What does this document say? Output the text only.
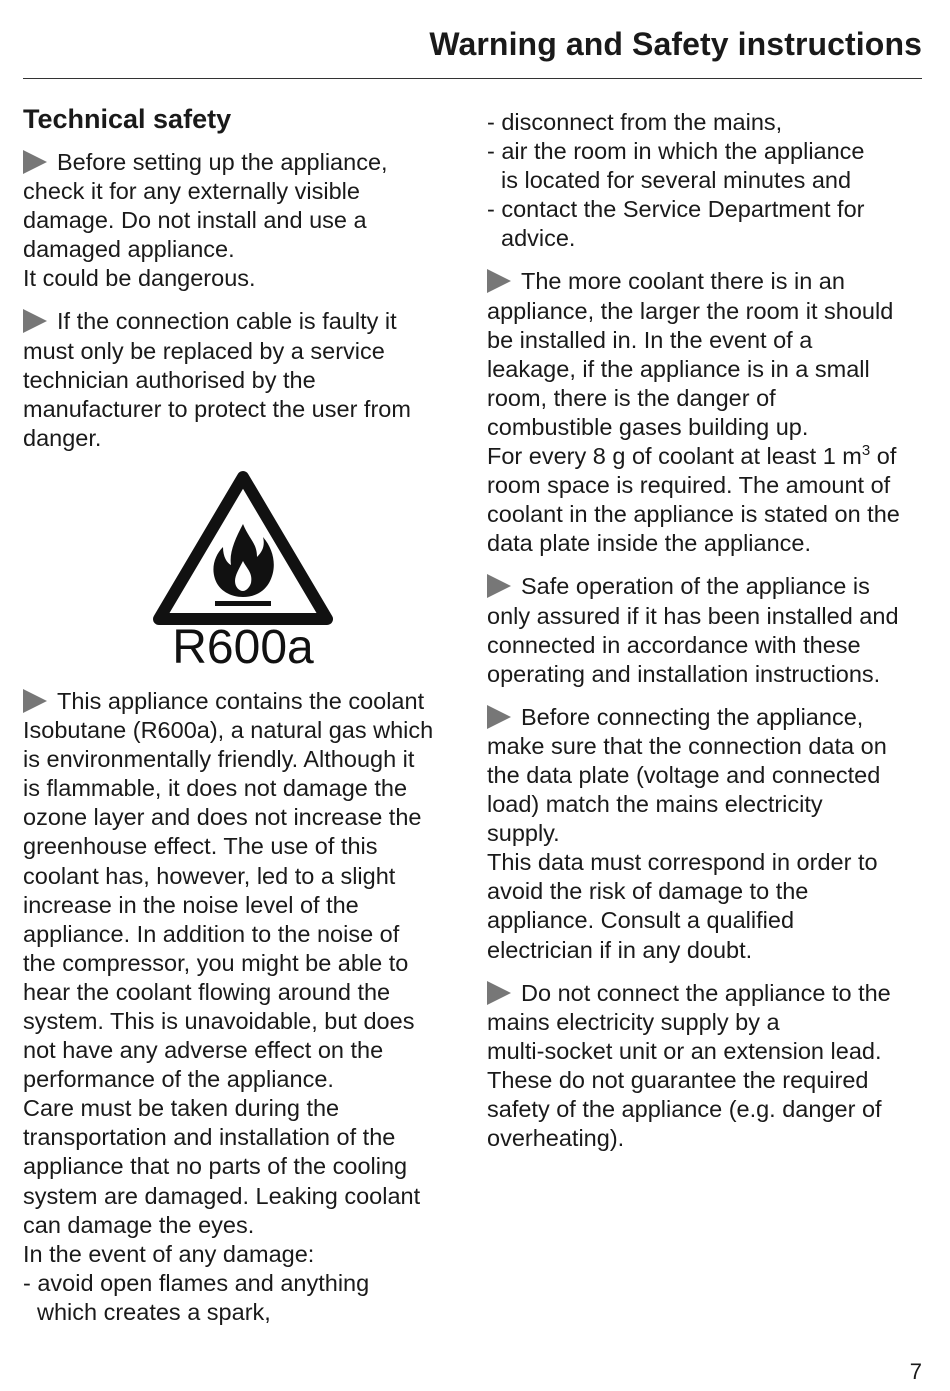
Warning and Safety instructions
Technical safety
Before setting up the appliance,
check it for any externally visible
damage. Do not install and use a
damaged appliance.
It could be dangerous.
If the connection cable is faulty it
must only be replaced by a service
technician authorised by the
manufacturer to protect the user from
danger.
R600a
This appliance contains the coolant
Isobutane (R600a), a natural gas which
is environmentally friendly. Although it
is flammable, it does not damage the
ozone layer and does not increase the
greenhouse effect. The use of this
coolant has, however, led to a slight
increase in the noise level of the
appliance. In addition to the noise of
the compressor, you might be able to
hear the coolant flowing around the
system. This is unavoidable, but does
not have any adverse effect on the
performance of the appliance.
Care must be taken during the
transportation and installation of the
appliance that no parts of the cooling
system are damaged. Leaking coolant
can damage the eyes.
In the event of any damage:
- avoid open flames and anything
which creates a spark,
- disconnect from the mains,
- air the room in which the appliance
is located for several minutes and
- contact the Service Department for
advice.
The more coolant there is in an
appliance, the larger the room it should
be installed in. In the event of a
leakage, if the appliance is in a small
room, there is the danger of
combustible gases building up.
For every 8 g of coolant at least 1 $m^3$ of
room space is required. The amount of
coolant in the appliance is stated on the
data plate inside the appliance.
Safe operation of the appliance is
only assured if it has been installed and
connected in accordance with these
operating and installation instructions.
Before connecting the appliance,
make sure that the connection data on
the data plate (voltage and connected
load) match the mains electricity
supply.
This data must correspond in order to
avoid the risk of damage to the
appliance. Consult a qualified
electrician if in any doubt.
Do not connect the appliance to the
mains electricity supply by a
multi-socket unit or an extension lead.
These do not guarantee the required
safety of the appliance (e.g. danger of
overheating).
7
